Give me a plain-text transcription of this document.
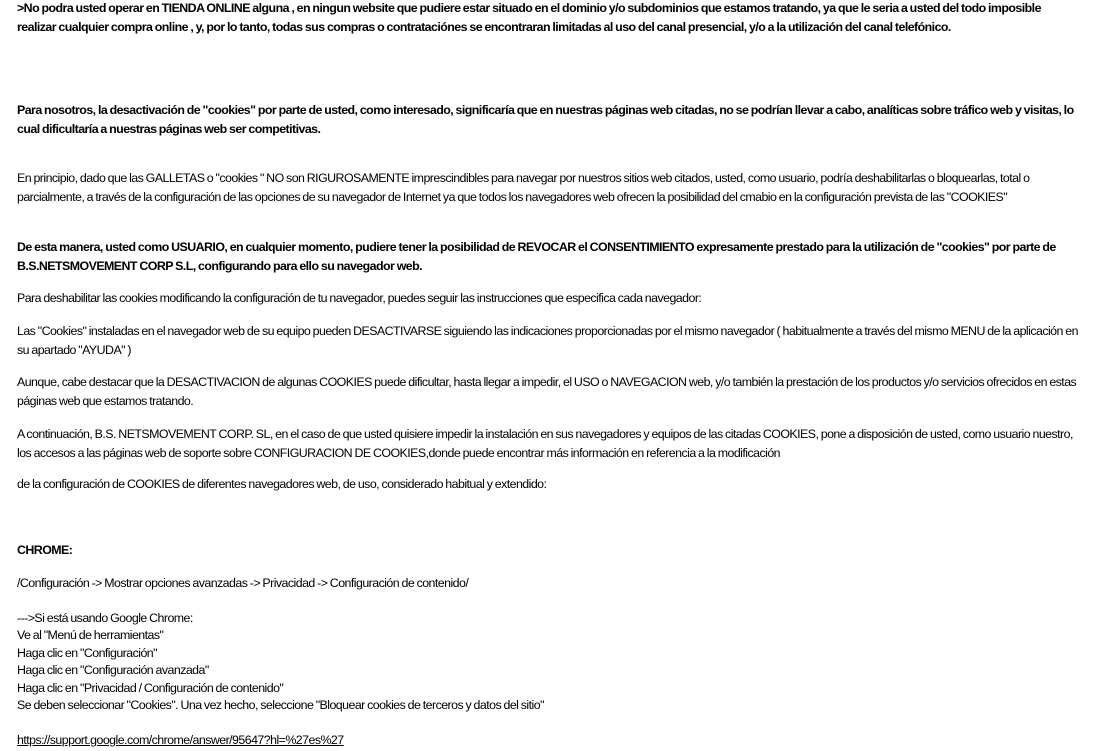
>No podra usted operar en TIENDA ONLINE alguna , en ningun website que pudiere estar situado en el dominio y/o subdominios que estamos tratando, ya que le seria a usted del todo imposible realizar cualquier compra online , y, por lo tanto, todas sus compras o contrataciónes se encontraran limitadas al uso del canal presencial, y/o a la utilización del canal telefónico.

Para nosotros, la desactivación de "cookies" por parte de usted, como interesado, significaría que en nuestras páginas web citadas, no se podrían llevar a cabo, analíticas sobre tráfico web y visitas, lo cual dificultaría a nuestras páginas web ser competitivas.

En principio, dado que las GALLETAS o "cookies " NO son RIGUROSAMENTE imprescindibles para navegar por nuestros sitios web citados, usted, como usuario, podría deshabilitarlas o bloquearlas, total o parcialmente, a través de la configuración de las opciones de su navegador de Internet ya que todos los navegadores web ofrecen la posibilidad del cmabio en la configuración prevista de las "COOKIES"

De esta manera, usted como USUARIO, en cualquier momento, pudiere tener la posibilidad de REVOCAR el CONSENTIMIENTO expresamente prestado para la utilización de "cookies" por parte de B.S.NETSMOVEMENT CORP S.L, configurando para ello su navegador web.

Para deshabilitar las cookies modificando la configuración de tu navegador, puedes seguir las instrucciones que especifica cada navegador:

Las "Cookies" instaladas en el navegador web de su equipo pueden DESACTIVARSE siguiendo las indicaciones proporcionadas por el mismo navegador ( habitualmente a través del mismo MENU de la aplicación en su apartado "AYUDA" )

Aunque, cabe destacar que la DESACTIVACION de algunas COOKIES puede dificultar, hasta llegar a impedir, el USO o NAVEGACION web, y/o también la prestación de los productos y/o servicios ofrecidos en estas páginas web que estamos tratando.

A continuación, B.S. NETSMOVEMENT CORP. SL, en el caso de que usted quisiere impedir la instalación en sus navegadores y equipos de las citadas COOKIES, pone a disposición de usted, como usuario nuestro, los accesos a las páginas web de soporte sobre CONFIGURACION DE COOKIES,donde puede encontrar más información en referencia a la modificación

de la configuración de COOKIES de diferentes navegadores web, de uso, considerado habitual y extendido:

CHROME:

/Configuración -> Mostrar opciones avanzadas -> Privacidad -> Configuración de contenido/

--->Si está usando Google Chrome:
Ve al "Menú de herramientas"
Haga clic en "Configuración"
Haga clic en "Configuración avanzada"
Haga clic en "Privacidad / Configuración de contenido"
Se deben seleccionar "Cookies". Una vez hecho, seleccione "Bloquear cookies de terceros y datos del sitio"

https://support.google.com/chrome/answer/95647?hl=%27es%27
